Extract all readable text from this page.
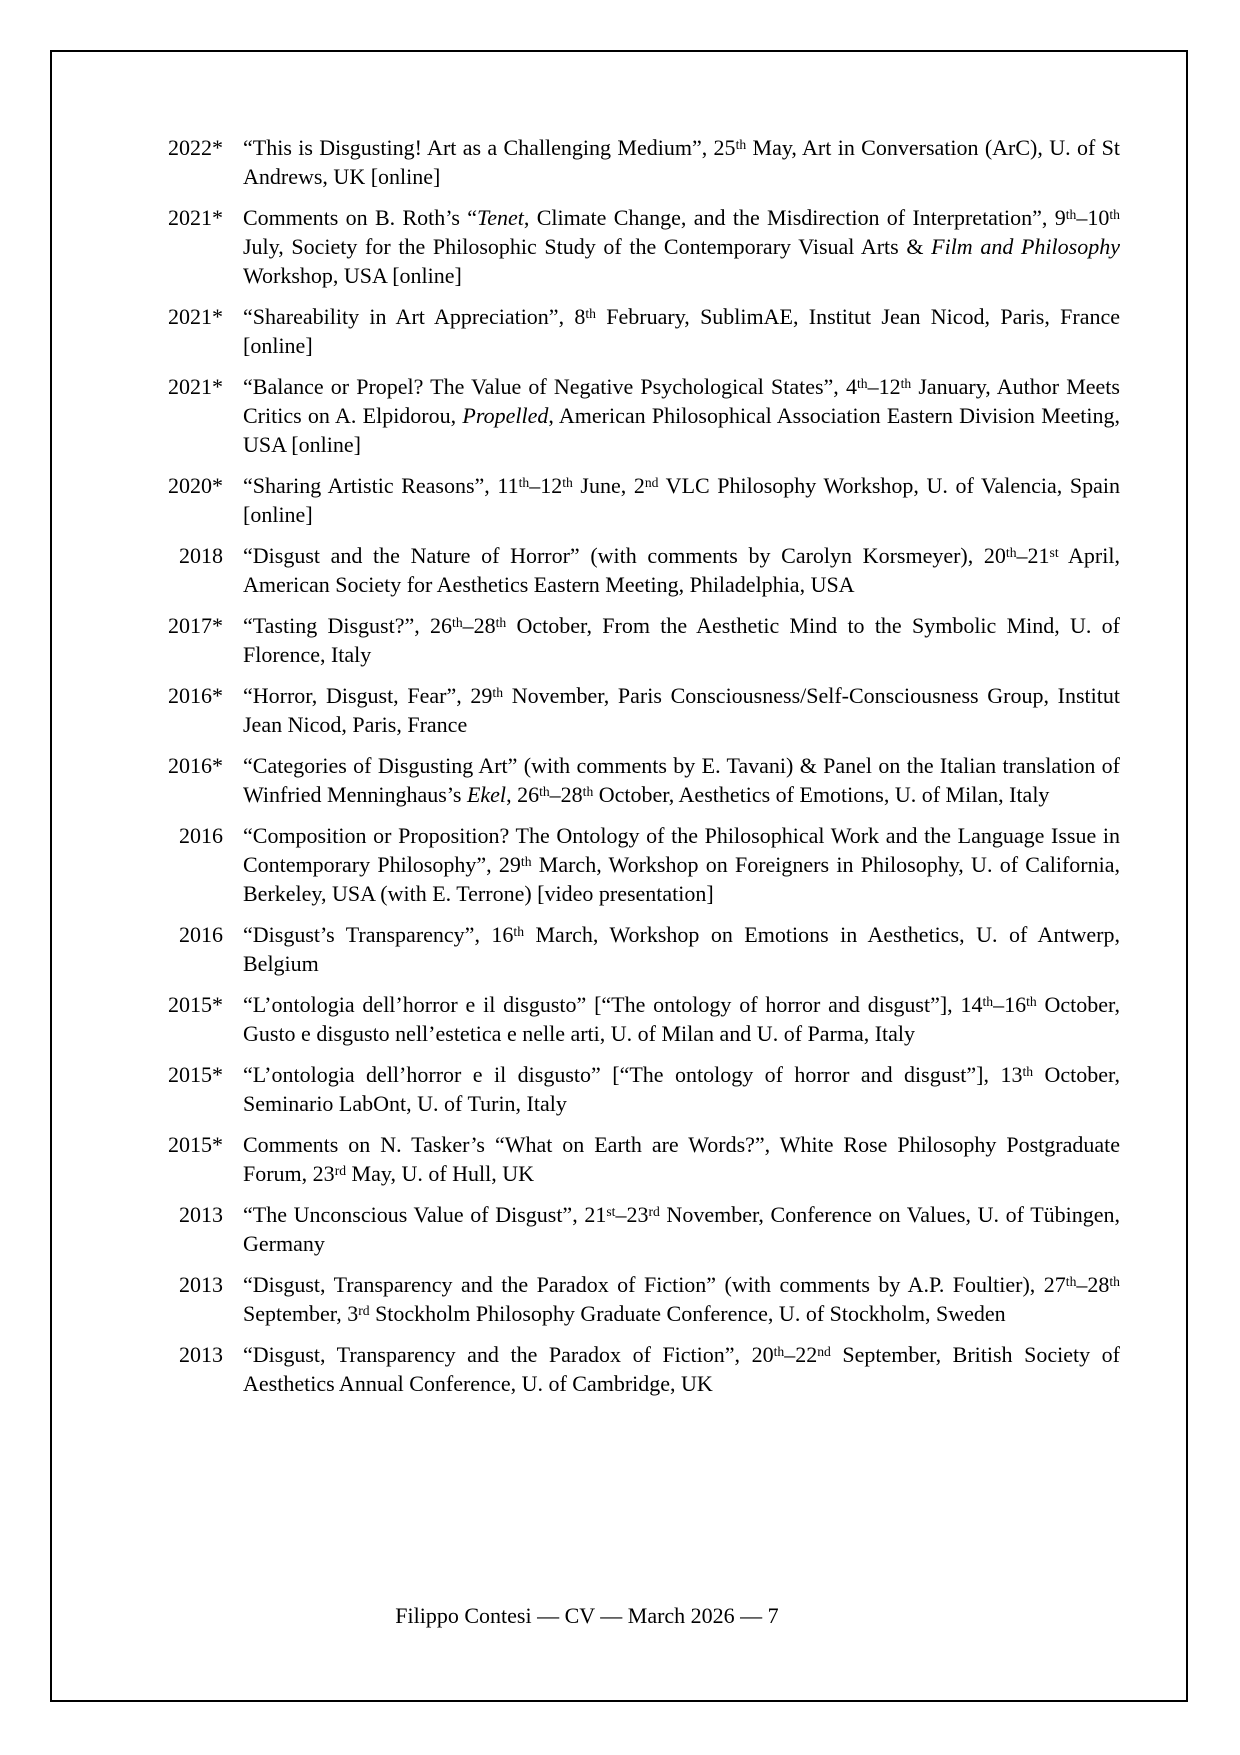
2022* “This is Disgusting! Art as a Challenging Medium”, 25th May, Art in Conversation (ArC), U. of St Andrews, UK [online]

2021* Comments on B. Roth’s “Tenet, Climate Change, and the Misdirection of Interpretation”, 9th–10th July, Society for the Philosophic Study of the Contemporary Visual Arts & Film and Philosophy Workshop, USA [online]

2021* “Shareability in Art Appreciation”, 8th February, SublimAE, Institut Jean Nicod, Paris, France [online]

2021* “Balance or Propel? The Value of Negative Psychological States”, 4th–12th January, Author Meets Critics on A. Elpidorou, Propelled, American Philosophical Association Eastern Division Meeting, USA [online]

2020* “Sharing Artistic Reasons”, 11th–12th June, 2nd VLC Philosophy Workshop, U. of Valencia, Spain [online]

2018 “Disgust and the Nature of Horror” (with comments by Carolyn Korsmeyer), 20th–21st April, American Society for Aesthetics Eastern Meeting, Philadelphia, USA

2017* “Tasting Disgust?”, 26th–28th October, From the Aesthetic Mind to the Symbolic Mind, U. of Florence, Italy

2016* “Horror, Disgust, Fear”, 29th November, Paris Consciousness/Self-Consciousness Group, Institut Jean Nicod, Paris, France

2016* “Categories of Disgusting Art” (with comments by E. Tavani) & Panel on the Italian translation of Winfried Menninghaus’s Ekel, 26th–28th October, Aesthetics of Emotions, U. of Milan, Italy

2016 “Composition or Proposition? The Ontology of the Philosophical Work and the Language Issue in Contemporary Philosophy”, 29th March, Workshop on Foreigners in Philosophy, U. of California, Berkeley, USA (with E. Terrone) [video presentation]

2016 “Disgust’s Transparency”, 16th March, Workshop on Emotions in Aesthetics, U. of Antwerp, Belgium

2015* “L’ontologia dell’horror e il disgusto” [“The ontology of horror and disgust”], 14th–16th October, Gusto e disgusto nell’estetica e nelle arti, U. of Milan and U. of Parma, Italy

2015* “L’ontologia dell’horror e il disgusto” [“The ontology of horror and disgust”], 13th October, Seminario LabOnt, U. of Turin, Italy

2015* Comments on N. Tasker’s “What on Earth are Words?”, White Rose Philosophy Postgraduate Forum, 23rd May, U. of Hull, UK

2013 “The Unconscious Value of Disgust”, 21st–23rd November, Conference on Values, U. of Tübingen, Germany

2013 “Disgust, Transparency and the Paradox of Fiction” (with comments by A.P. Foultier), 27th–28th September, 3rd Stockholm Philosophy Graduate Conference, U. of Stockholm, Sweden

2013 “Disgust, Transparency and the Paradox of Fiction”, 20th–22nd September, British Society of Aesthetics Annual Conference, U. of Cambridge, UK

Filippo Contesi — CV — March 2026 — 7
